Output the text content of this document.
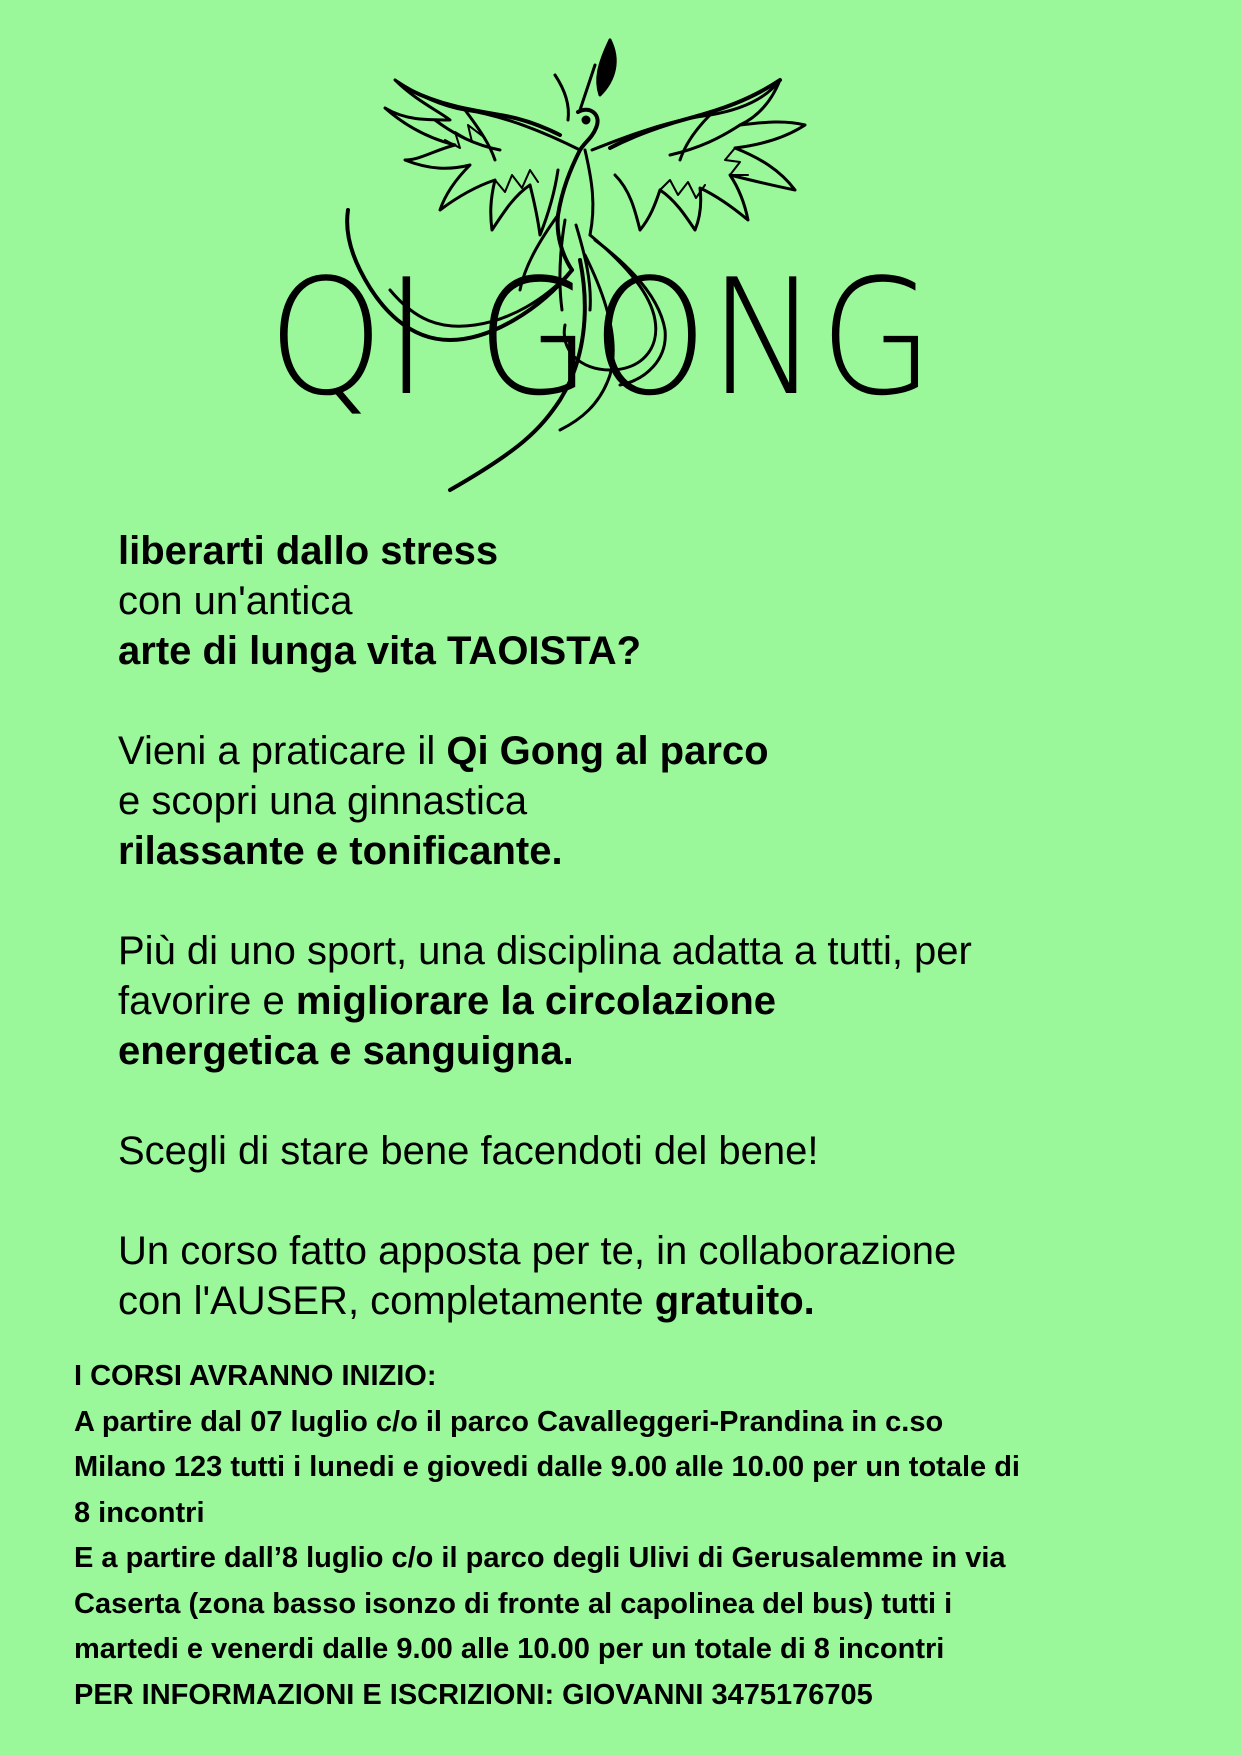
QI GONG

liberarti dallo stress
con un'antica
arte di lunga vita TAOISTA?

Vieni a praticare il Qi Gong al parco
e scopri una ginnastica
rilassante e tonificante.

Più di uno sport, una disciplina adatta a tutti, per
favorire e migliorare la circolazione
energetica e sanguigna.

Scegli di stare bene facendoti del bene!

Un corso fatto apposta per te, in collaborazione
con l'AUSER, completamente gratuito.

I CORSI AVRANNO INIZIO:
A partire dal 07 luglio c/o il parco Cavalleggeri-Prandina in c.so
Milano 123 tutti i lunedi e giovedi dalle 9.00 alle 10.00 per un totale di
8 incontri
E a partire dall’8 luglio c/o il parco degli Ulivi di Gerusalemme in via
Caserta (zona basso isonzo di fronte al capolinea del bus) tutti i
martedi e venerdi dalle 9.00 alle 10.00 per un totale di 8 incontri
PER INFORMAZIONI E ISCRIZIONI: GIOVANNI 3475176705
